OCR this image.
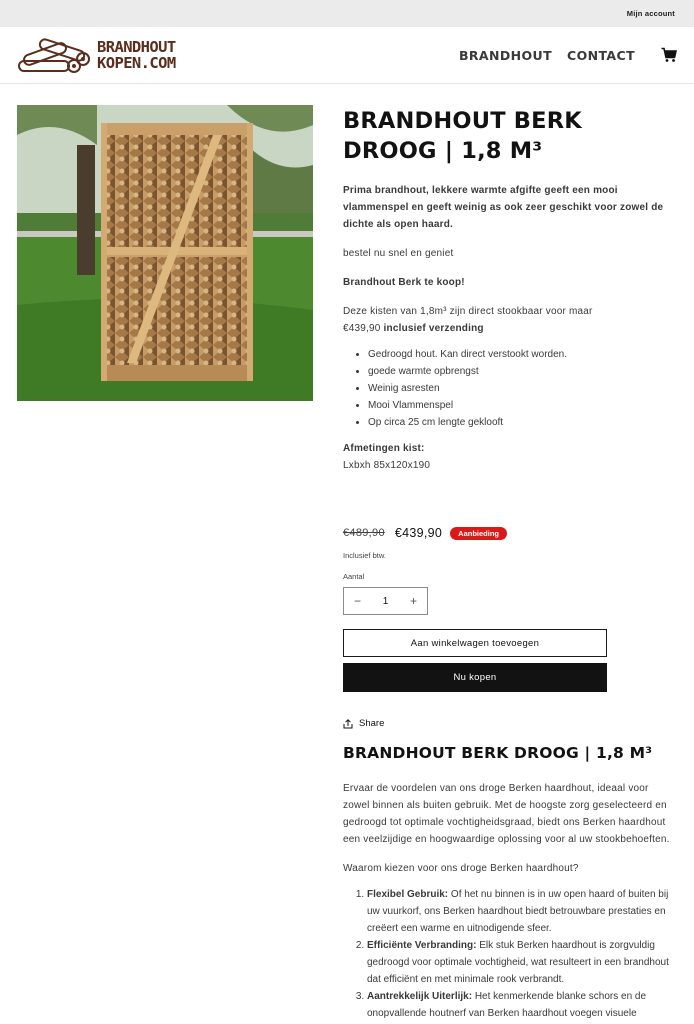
Mijn account
BRANDHOUT
KOPEN.COM	BRANDHOUT CONTACT
BRANDHOUT BERK DROOG | 1,8 M³

Prima brandhout, lekkere warmte afgifte geeft een mooi vlammenspel en geeft weinig as ook zeer geschikt voor zowel de dichte als open haard.

bestel nu snel en geniet

Brandhout Berk te koop!

Deze kisten van 1,8m³ zijn direct stookbaar voor maar
€439,90 inclusief verzending

• Gedroogd hout. Kan direct verstookt worden.
• goede warmte opbrengst
• Weinig asresten
• Mooi Vlammenspel
• Op circa 25 cm lengte geklooft

Afmetingen kist:

Lxbxh 85x120x190

€489,90 €439,90	Aanbieding
Inclusief btw.
Aantal
− 1 +
Aan winkelwagen toevoegen
Nu kopen
Share
BRANDHOUT BERK DROOG | 1,8 M³

Ervaar de voordelen van ons droge Berken haardhout, ideaal voor zowel binnen als buiten gebruik. Met de hoogste zorg geselecteerd en gedroogd tot optimale vochtigheidsgraad, biedt ons Berken haardhout een veelzijdige en hoogwaardige oplossing voor al uw stookbehoeften.

Waarom kiezen voor ons droge Berken haardhout?

1. Flexibel Gebruik: Of het nu binnen is in uw open haard of buiten bij uw vuurkorf, ons Berken haardhout biedt betrouwbare prestaties en creëert een warme en uitnodigende sfeer.
2. Efficiënte Verbranding: Elk stuk Berken haardhout is zorgvuldig gedroogd voor optimale vochtigheid, wat resulteert in een brandhout dat efficiënt en met minimale rook verbrandt.
3. Aantrekkelijk Uiterlijk: Het kenmerkende blanke schors en de onopvallende houtnerf van Berken haardhout voegen visuele
